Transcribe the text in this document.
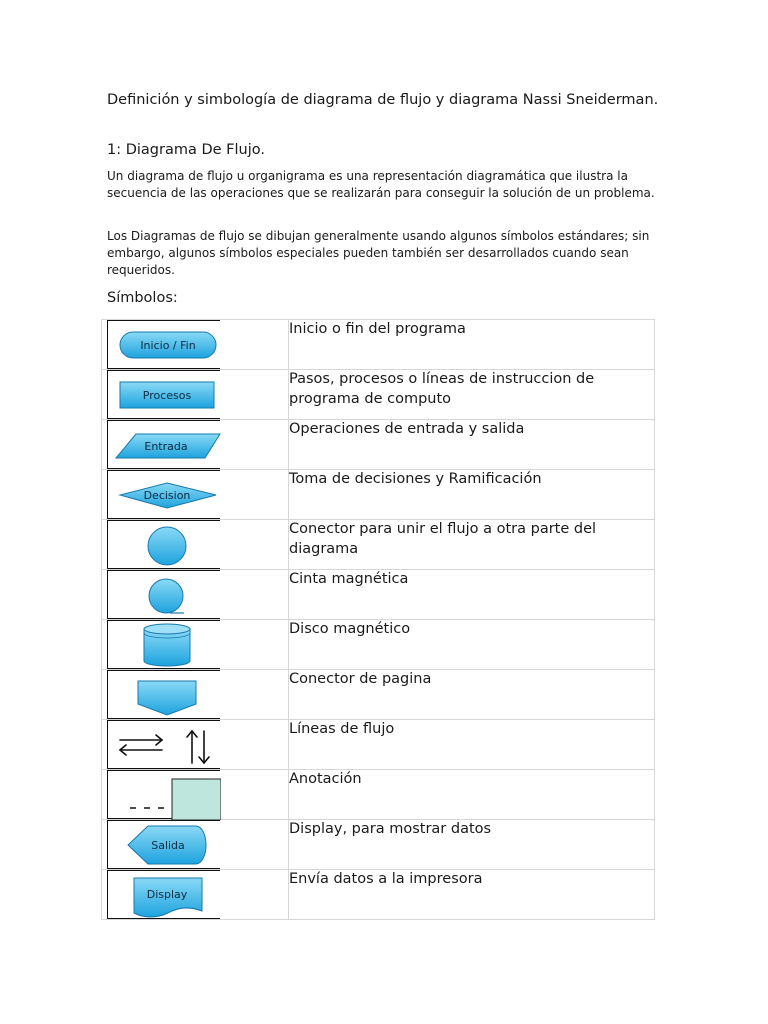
Definición y simbología de diagrama de flujo y diagrama Nassi Sneiderman.
1: Diagrama De Flujo.
Un diagrama de flujo u organigrama es una representación diagramática que ilustra la secuencia de las operaciones que se realizarán para conseguir la solución de un problema.
Los Diagramas de flujo se dibujan generalmente usando algunos símbolos estándares; sin embargo, algunos símbolos especiales pueden también ser desarrollados cuando sean requeridos.
Símbolos:
Inicio / Fin	Inicio o fin del programa

Procesos	Pasos, procesos o líneas de instruccion de programa de computo

Entrada	Operaciones de entrada y salida

Decision	Toma de decisiones y Ramificación

Conector para unir el flujo a otra parte del diagrama

Cinta magnética

Disco magnético

Conector de pagina

Líneas de flujo

Anotación

Salida	Display, para mostrar datos

Display	Envía datos a la impresora
